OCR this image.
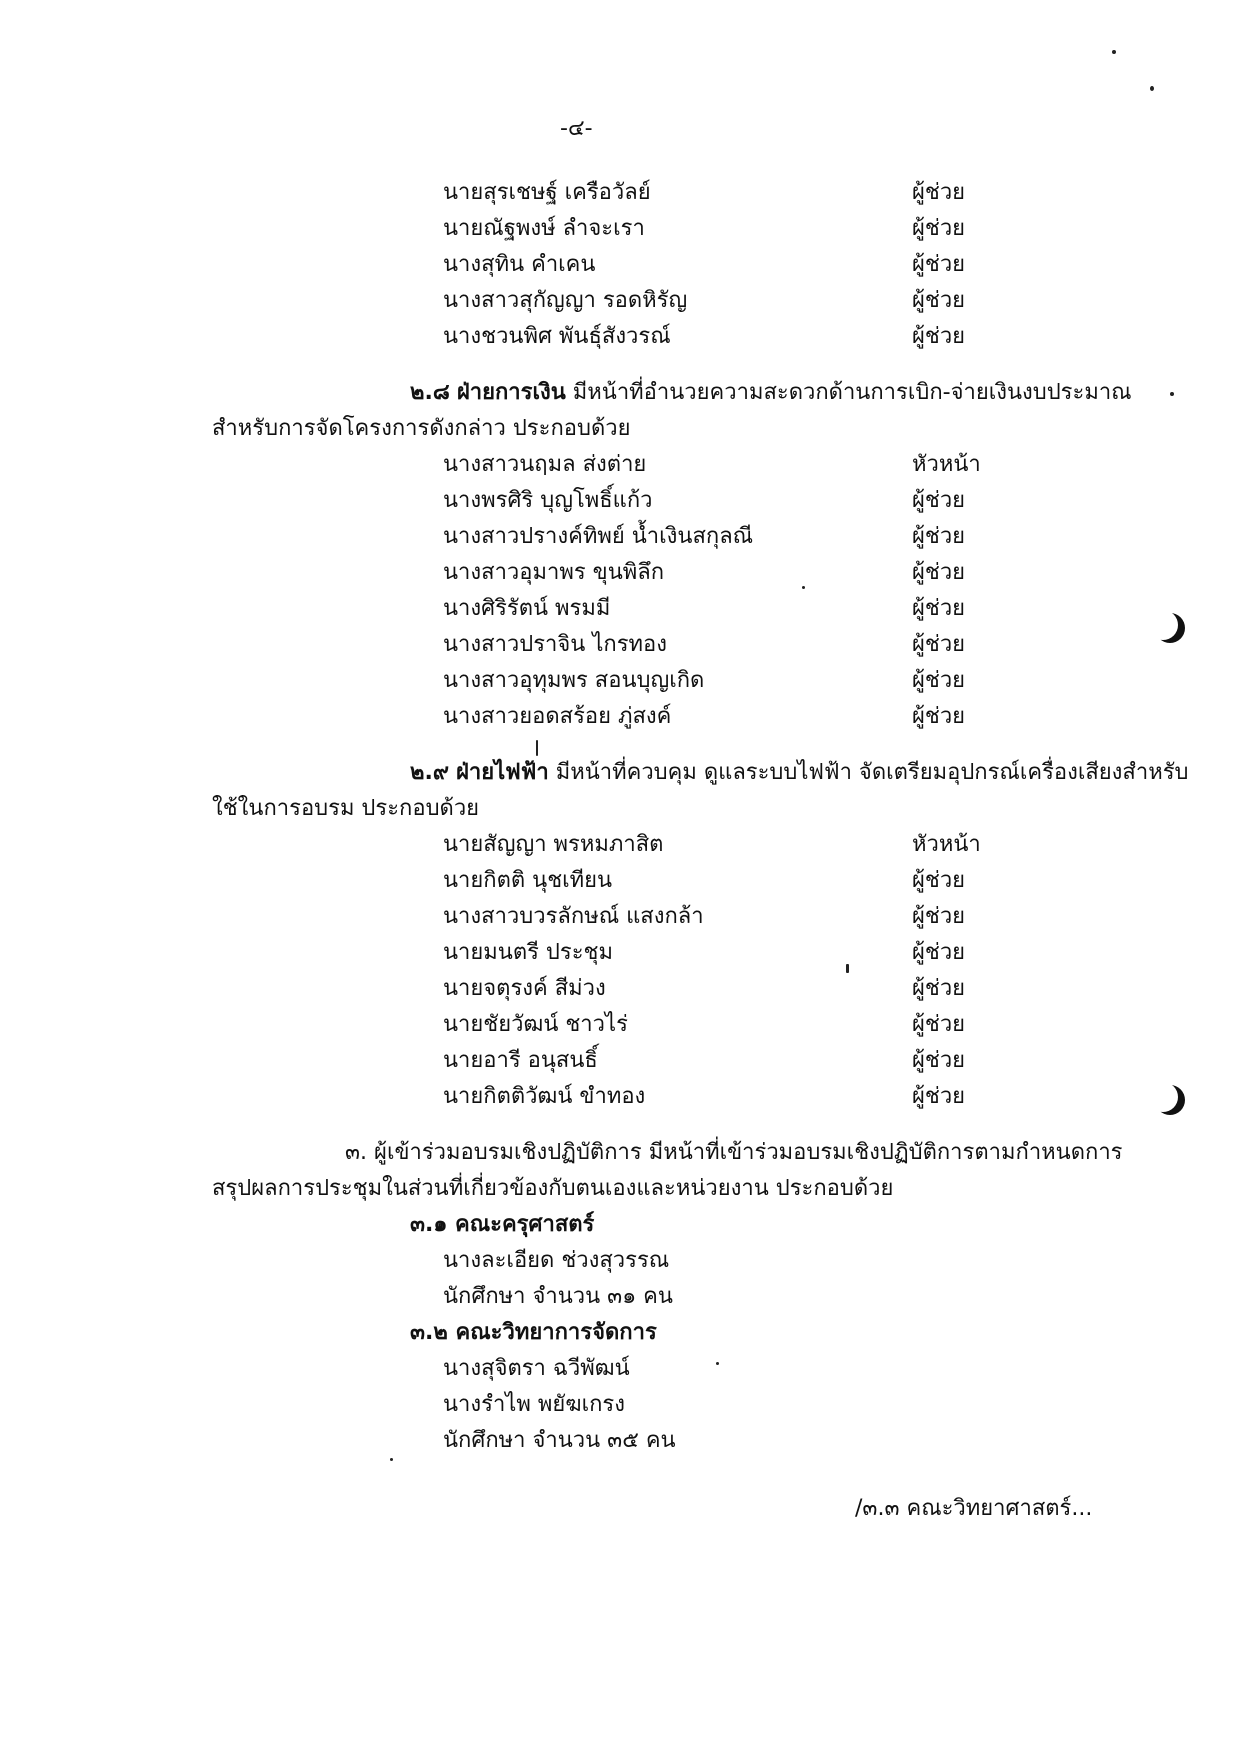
-๔-
นายสุรเชษฐ์ เครือวัลย์	ผู้ช่วย
นายณัฐพงษ์ ลำจะเรา	ผู้ช่วย
นางสุทิน คำเคน	ผู้ช่วย
นางสาวสุกัญญา รอดหิรัญ	ผู้ช่วย
นางชวนพิศ พันธุ์สังวรณ์	ผู้ช่วย
๒.๘ ฝ่ายการเงิน มีหน้าที่อำนวยความสะดวกด้านการเบิก-จ่ายเงินงบประมาณ
สำหรับการจัดโครงการดังกล่าว ประกอบด้วย
นางสาวนฤมล ส่งต่าย	หัวหน้า
นางพรศิริ บุญโพธิ์แก้ว	ผู้ช่วย
นางสาวปรางค์ทิพย์ น้ำเงินสกุลณี	ผู้ช่วย
นางสาวอุมาพร ขุนพิลึก	ผู้ช่วย
นางศิริรัตน์ พรมมี	ผู้ช่วย
นางสาวปราจิน ไกรทอง	ผู้ช่วย
นางสาวอุทุมพร สอนบุญเกิด	ผู้ช่วย
นางสาวยอดสร้อย ภู่สงค์	ผู้ช่วย
๒.๙ ฝ่ายไฟฟ้า มีหน้าที่ควบคุม ดูแลระบบไฟฟ้า จัดเตรียมอุปกรณ์เครื่องเสียงสำหรับ
ใช้ในการอบรม ประกอบด้วย
นายสัญญา พรหมภาสิต	หัวหน้า
นายกิตติ นุชเทียน	ผู้ช่วย
นางสาวบวรลักษณ์ แสงกล้า	ผู้ช่วย
นายมนตรี ประชุม	ผู้ช่วย
นายจตุรงค์ สีม่วง	ผู้ช่วย
นายชัยวัฒน์ ชาวไร่	ผู้ช่วย
นายอารี อนุสนธิ์	ผู้ช่วย
นายกิตติวัฒน์ ขำทอง	ผู้ช่วย
๓. ผู้เข้าร่วมอบรมเชิงปฏิบัติการ มีหน้าที่เข้าร่วมอบรมเชิงปฏิบัติการตามกำหนดการ
สรุปผลการประชุมในส่วนที่เกี่ยวข้องกับตนเองและหน่วยงาน ประกอบด้วย
๓.๑ คณะครุศาสตร์
นางละเอียด ช่วงสุวรรณ
นักศึกษา จำนวน ๓๑ คน
๓.๒ คณะวิทยาการจัดการ
นางสุจิตรา ฉวีพัฒน์
นางรำไพ พยัฆเกรง
นักศึกษา จำนวน ๓๕ คน
/๓.๓ คณะวิทยาศาสตร์...
